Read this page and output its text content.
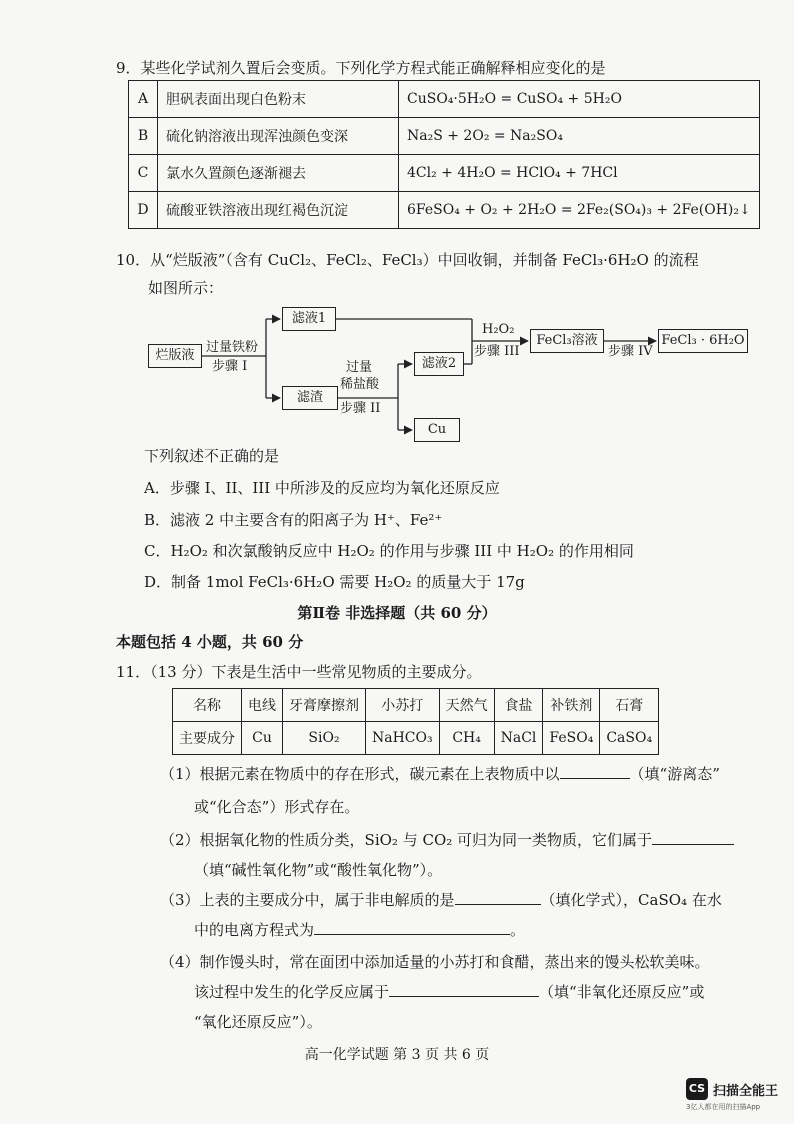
9．某些化学试剂久置后会变质。下列化学方程式能正确解释相应变化的是
A	胆矾表面出现白色粉末	CuSO₄·5H₂O = CuSO₄ + 5H₂O
B	硫化钠溶液出现浑浊颜色变深	Na₂S + 2O₂ = Na₂SO₄
C	氯水久置颜色逐渐褪去	4Cl₂ + 4H₂O = HClO₄ + 7HCl
D	硫酸亚铁溶液出现红褐色沉淀	6FeSO₄ + O₂ + 2H₂O = 2Fe₂(SO₄)₃ + 2Fe(OH)₂↓
10．从“烂版液”（含有 CuCl₂、FeCl₂、FeCl₃）中回收铜，并制备 FeCl₃·6H₂O 的流程
如图所示：
烂版液
过量铁粉
步骤 I
滤液1
滤渣
过量
稀盐酸
步骤 II
滤液2
Cu
H₂O₂
步骤 III
FeCl₃溶液
步骤 IV
FeCl₃ · 6H₂O
下列叙述不正确的是
A．步骤 I、II、III 中所涉及的反应均为氧化还原反应
B．滤液 2 中主要含有的阳离子为 H⁺、Fe²⁺
C．H₂O₂ 和次氯酸钠反应中 H₂O₂ 的作用与步骤 III 中 H₂O₂ 的作用相同
D．制备 1mol FeCl₃·6H₂O 需要 H₂O₂ 的质量大于 17g
第Ⅱ卷 非选择题（共 60 分）
本题包括 4 小题，共 60 分
11．（13 分）下表是生活中一些常见物质的主要成分。
名称	电线	牙膏摩擦剂	小苏打	天然气	食盐	补铁剂	石膏
主要成分	Cu	SiO₂	NaHCO₃	CH₄	NaCl	FeSO₄	CaSO₄
（1）根据元素在物质中的存在形式，碳元素在上表物质中以	（填“游离态”
或“化合态”）形式存在。
（2）根据氧化物的性质分类，SiO₂ 与 CO₂ 可归为同一类物质，它们属于
（填“碱性氧化物”或“酸性氧化物”）。
（3）上表的主要成分中，属于非电解质的是	（填化学式），CaSO₄ 在水
中的电离方程式为	。
（4）制作馒头时，常在面团中添加适量的小苏打和食醋，蒸出来的馒头松软美味。
该过程中发生的化学反应属于	（填“非氧化还原反应”或
“氧化还原反应”）。
高一化学试题 第 3 页 共 6 页
CS 扫描全能王
3亿人都在用的扫描App
